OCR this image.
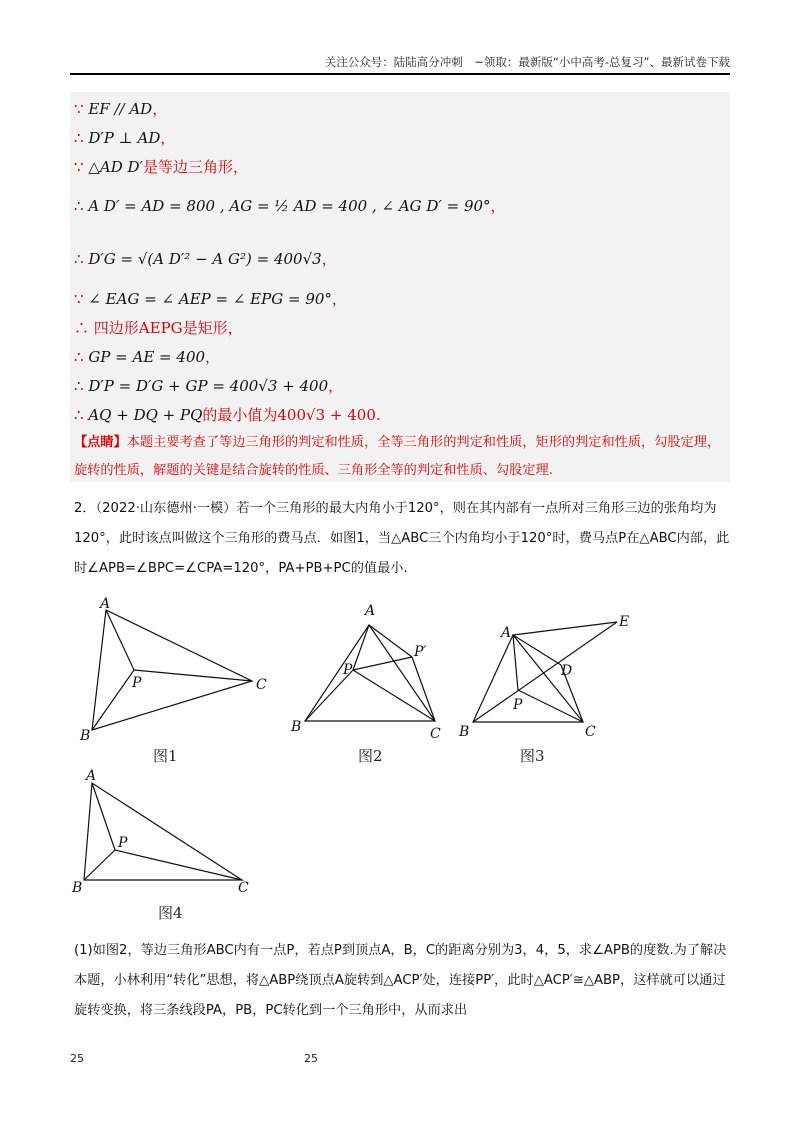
关注公众号：陆陆高分冲刺　~领取：最新版“小中高考-总复习”、最新试卷下载
∵ EF // AD，
∴ D′P ⊥ AD，
∵ △AD D′是等边三角形，
∴ A D′ = AD = 800 , AG = ½ AD = 400 , ∠ AG D′ = 90°，
∴ D′G = √(A D′² − A G²) = 400√3，
∵ ∠ EAG = ∠ AEP = ∠ EPG = 90°，
∴ 四边形AEPG是矩形，
∴ GP = AE = 400，
∴ D′P = D′G + GP = 400√3 + 400，
∴ AQ + DQ + PQ的最小值为400√3 + 400.
【点睛】本题主要考查了等边三角形的判定和性质，全等三角形的判定和性质，矩形的判定和性质，勾股定理，旋转的性质，解题的关键是结合旋转的性质、三角形全等的判定和性质、勾股定理.
2．（2022·山东德州·一模）若一个三角形的最大内角小于120°，则在其内部有一点所对三角形三边的张角均为120°，此时该点叫做这个三角形的费马点．如图1，当△ABC三个内角均小于120°时，费马点P在△ABC内部，此时∠APB=∠BPC=∠CPA=120°，PA+PB+PC的值最小.
A
B
C
P
图1
A
B	C
P
P′
图2
A
B	C
P
D
E
图3
A
B	C
P
图4
(1)如图2，等边三角形ABC内有一点P，若点P到顶点A，B，C的距离分别为3，4，5，求∠APB的度数.为了解决本题，小林利用“转化”思想，将△ABP绕顶点A旋转到△ACP′处，连接PP′，此时△ACP′≅△ABP，这样就可以通过旋转变换，将三条线段PA，PB，PC转化到一个三角形中，从而求出
25	25
